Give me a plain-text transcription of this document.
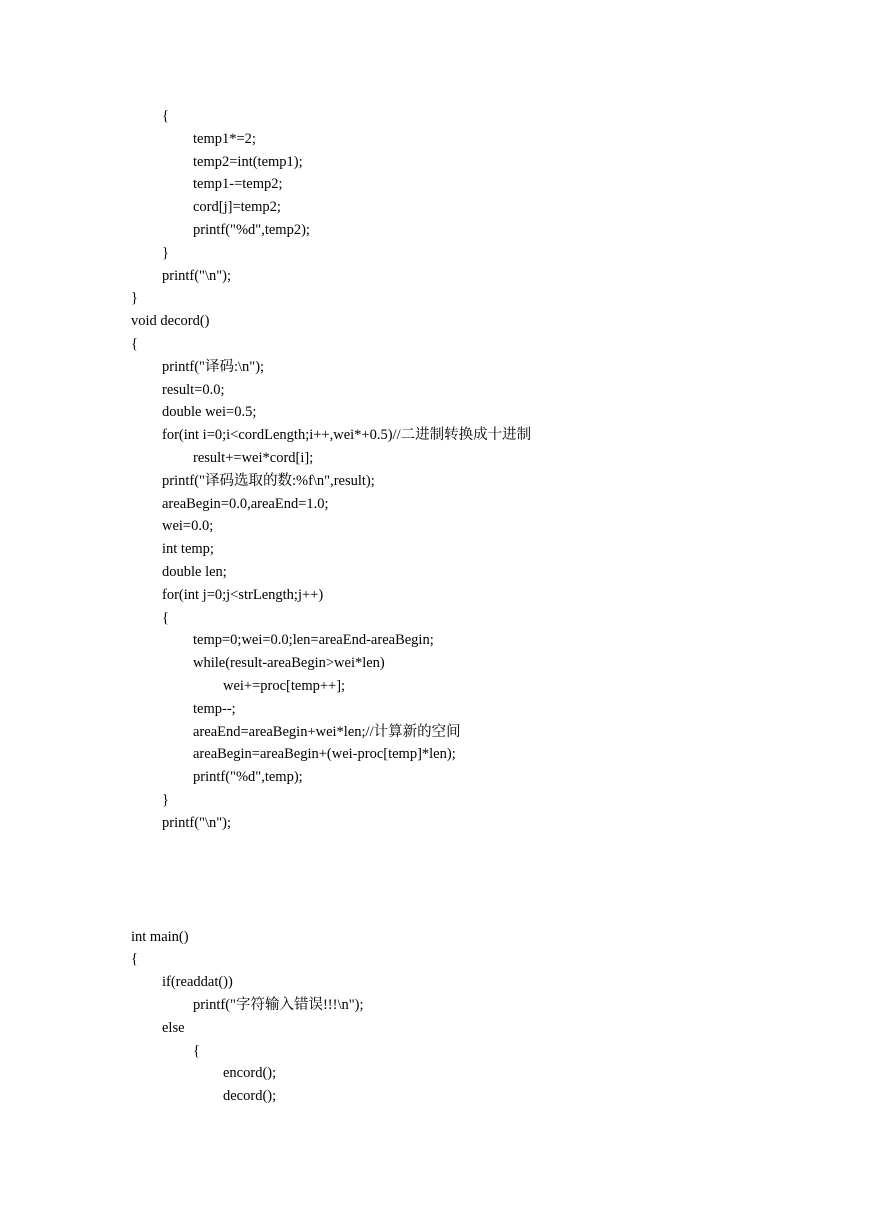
{
temp1*=2;
temp2=int(temp1);
temp1-=temp2;
cord[j]=temp2;
printf("%d",temp2);
}
printf("\n");
}
void decord()
{
printf("译码:\n");
result=0.0;
double wei=0.5;
for(int i=0;i<cordLength;i++,wei*+0.5)//二进制转换成十进制
result+=wei*cord[i];
printf("译码选取的数:%f\n",result);
areaBegin=0.0,areaEnd=1.0;
wei=0.0;
int temp;
double len;
for(int j=0;j<strLength;j++)
{
temp=0;wei=0.0;len=areaEnd-areaBegin;
while(result-areaBegin>wei*len)
wei+=proc[temp++];
temp--;
areaEnd=areaBegin+wei*len;//计算新的空间
areaBegin=areaBegin+(wei-proc[temp]*len);
printf("%d",temp);
}
printf("\n");
int main()
{
if(readdat())
printf("字符输入错误!!!\n");
else
{
encord();
decord();
